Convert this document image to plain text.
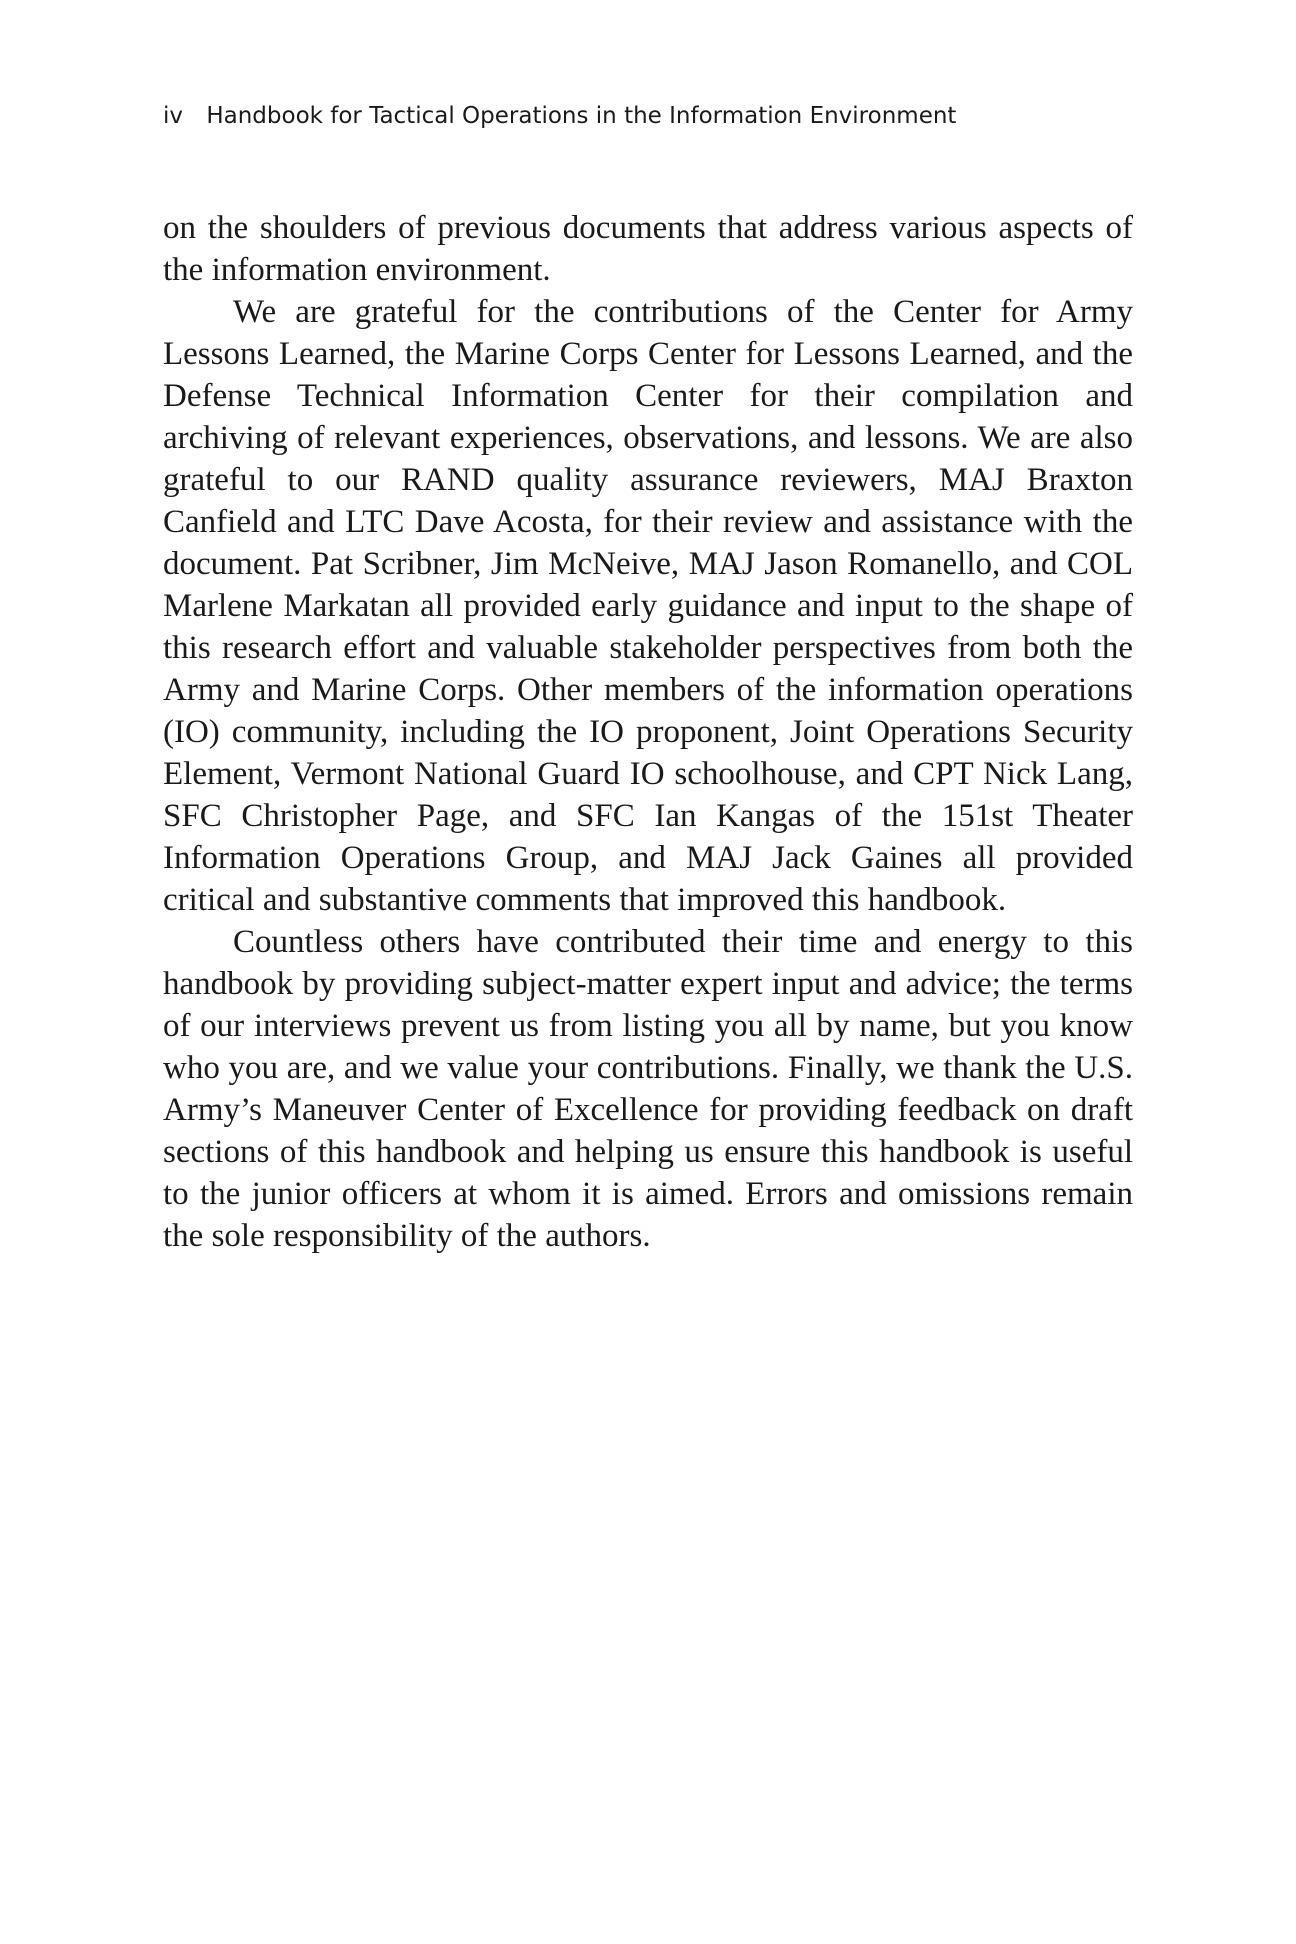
iv Handbook for Tactical Operations in the Information Environment

on the shoulders of previous documents that address various aspects of the information environment.

We are grateful for the contributions of the Center for Army Lessons Learned, the Marine Corps Center for Lessons Learned, and the Defense Technical Information Center for their compilation and archiving of relevant experiences, observations, and lessons. We are also grateful to our RAND quality assurance reviewers, MAJ Braxton Canfield and LTC Dave Acosta, for their review and assistance with the document. Pat Scribner, Jim McNeive, MAJ Jason Romanello, and COL Marlene Markatan all provided early guidance and input to the shape of this research effort and valuable stakeholder perspectives from both the Army and Marine Corps. Other members of the information operations (IO) community, including the IO proponent, Joint Operations Security Element, Vermont National Guard IO schoolhouse, and CPT Nick Lang, SFC Christopher Page, and SFC Ian Kangas of the 151st Theater Information Operations Group, and MAJ Jack Gaines all provided critical and substantive comments that improved this handbook.

Countless others have contributed their time and energy to this handbook by providing subject-matter expert input and advice; the terms of our interviews prevent us from listing you all by name, but you know who you are, and we value your contributions. Finally, we thank the U.S. Army’s Maneuver Center of Excellence for providing feedback on draft sections of this handbook and helping us ensure this handbook is useful to the junior officers at whom it is aimed. Errors and omissions remain the sole responsibility of the authors.
